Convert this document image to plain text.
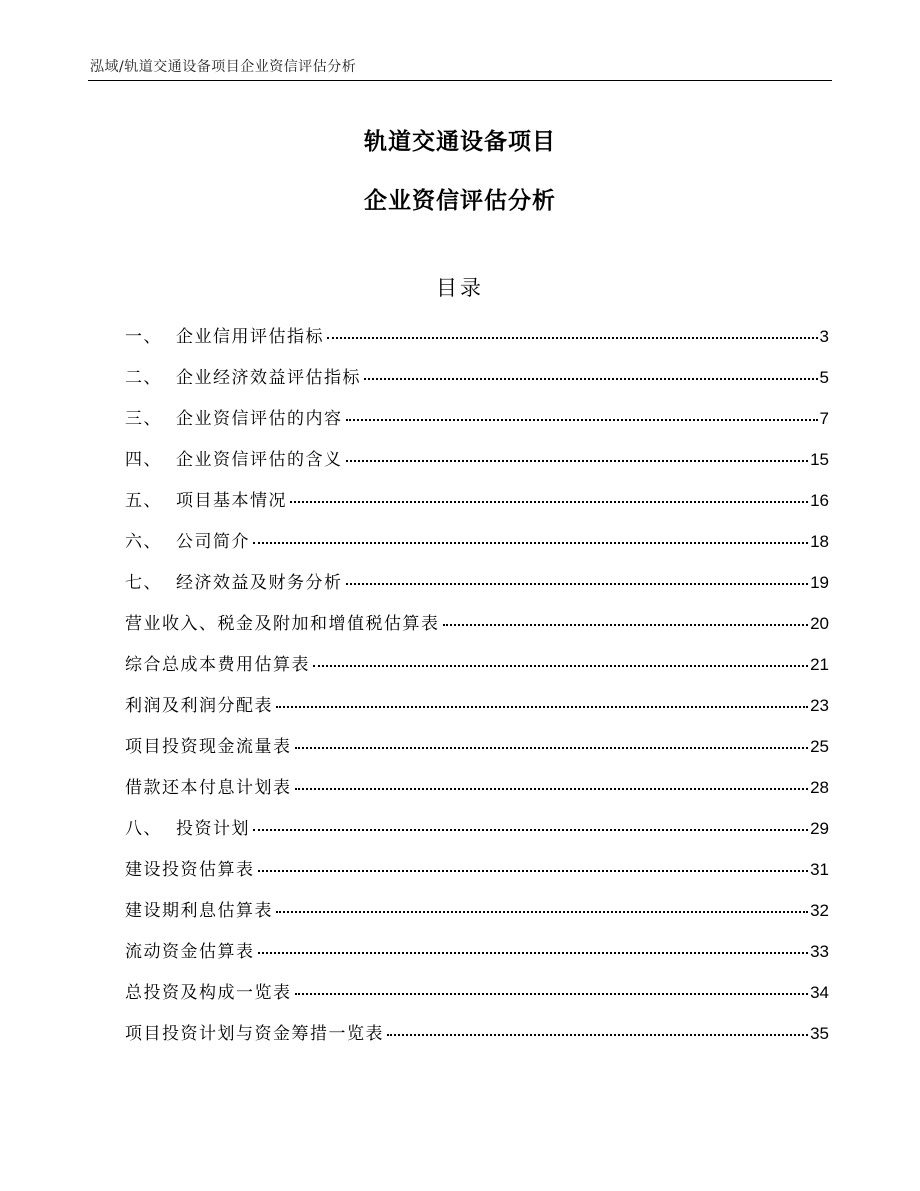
泓域/轨道交通设备项目企业资信评估分析
轨道交通设备项目
企业资信评估分析
目录
一、 企业信用评估指标	3
二、 企业经济效益评估指标	5
三、 企业资信评估的内容	7
四、 企业资信评估的含义	15
五、 项目基本情况	16
六、 公司简介	18
七、 经济效益及财务分析	19
营业收入、税金及附加和增值税估算表	20
综合总成本费用估算表	21
利润及利润分配表	23
项目投资现金流量表	25
借款还本付息计划表	28
八、 投资计划	29
建设投资估算表	31
建设期利息估算表	32
流动资金估算表	33
总投资及构成一览表	34
项目投资计划与资金筹措一览表	35
